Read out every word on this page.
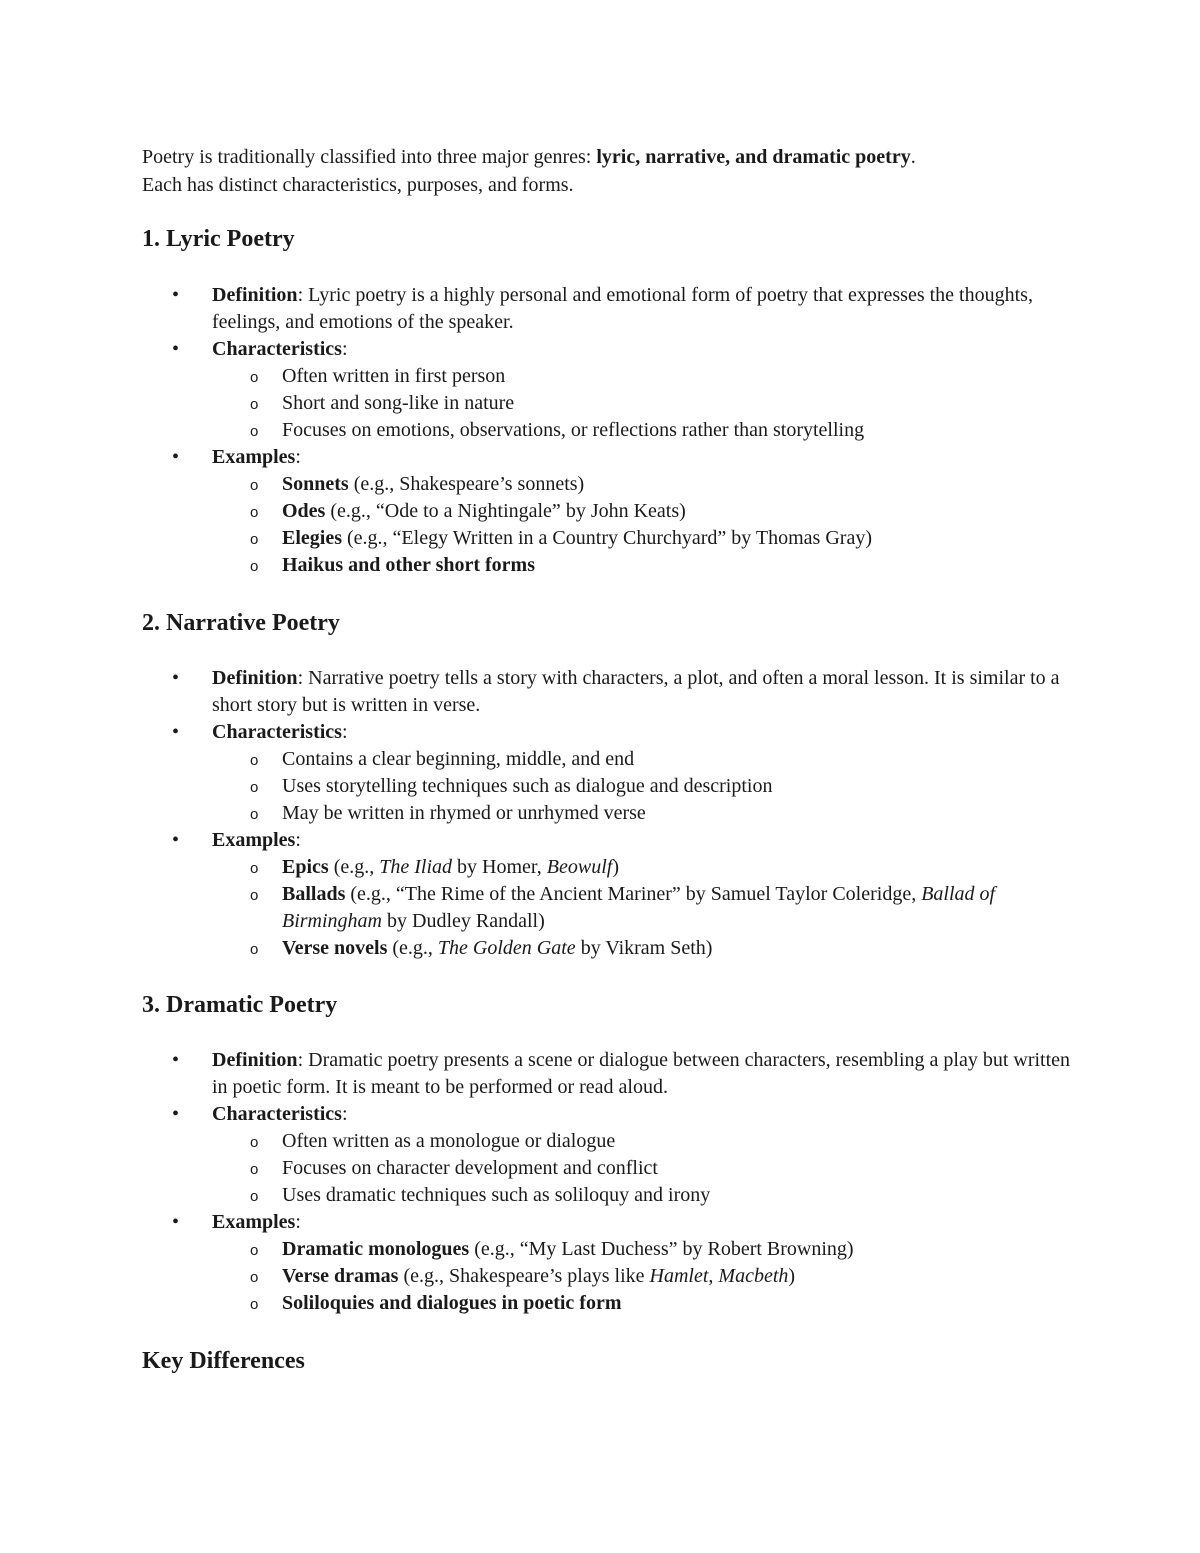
Poetry is traditionally classified into three major genres: lyric, narrative, and dramatic poetry.

Each has distinct characteristics, purposes, and forms.

1. Lyric Poetry
• Definition: Lyric poetry is a highly personal and emotional form of poetry that expresses the thoughts, feelings, and emotions of the speaker.
• Characteristics:
o Often written in first person
o Short and song-like in nature
o Focuses on emotions, observations, or reflections rather than storytelling
• Examples:
o Sonnets (e.g., Shakespeare’s sonnets)
o Odes (e.g., “Ode to a Nightingale” by John Keats)
o Elegies (e.g., “Elegy Written in a Country Churchyard” by Thomas Gray)
o Haikus and other short forms
2. Narrative Poetry
• Definition: Narrative poetry tells a story with characters, a plot, and often a moral lesson. It is similar to a short story but is written in verse.
• Characteristics:
o Contains a clear beginning, middle, and end
o Uses storytelling techniques such as dialogue and description
o May be written in rhymed or unrhymed verse
• Examples:
o Epics (e.g., The Iliad by Homer, Beowulf)
o Ballads (e.g., “The Rime of the Ancient Mariner” by Samuel Taylor Coleridge, Ballad of Birmingham by Dudley Randall)
o Verse novels (e.g., The Golden Gate by Vikram Seth)
3. Dramatic Poetry
• Definition: Dramatic poetry presents a scene or dialogue between characters, resembling a play but written in poetic form. It is meant to be performed or read aloud.
• Characteristics:
o Often written as a monologue or dialogue
o Focuses on character development and conflict
o Uses dramatic techniques such as soliloquy and irony
• Examples:
o Dramatic monologues (e.g., “My Last Duchess” by Robert Browning)
o Verse dramas (e.g., Shakespeare’s plays like Hamlet, Macbeth)
o Soliloquies and dialogues in poetic form
Key Differences
